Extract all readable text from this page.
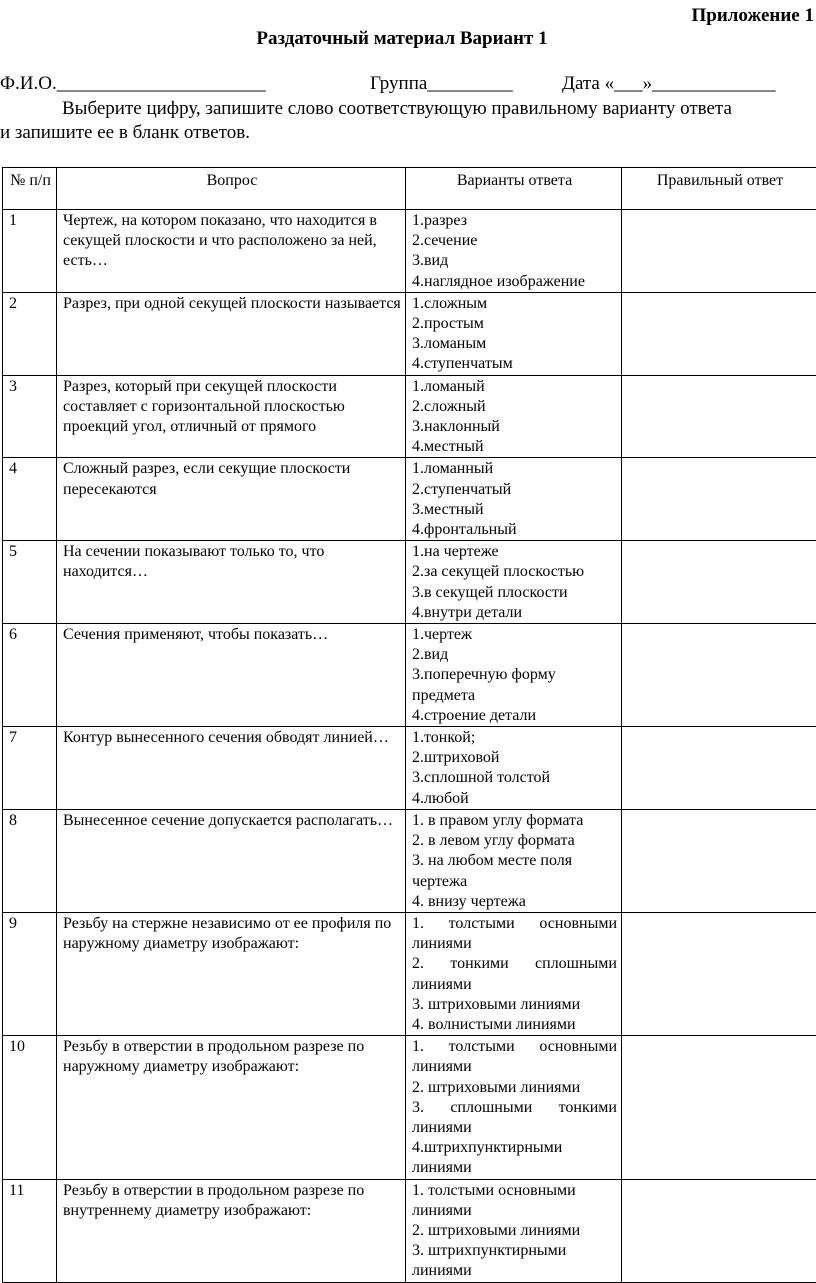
Приложение 1
Раздаточный материал Вариант 1
Ф.И.О.______________________	Группа_________	Дата «___»_____________
Выберите цифру, запишите слово соответствующую правильному варианту ответа
и запишите ее в бланк ответов.
№ п/п	Вопрос	Варианты ответа	Правильный ответ
1	Чертеж, на котором показано, что находится в секущей плоскости и что расположено за ней, есть…	1.разрез
2.сечение
3.вид
4.наглядное изображение	

2	Разрез, при одной секущей плоскости называется	1.сложным
2.простым
3.ломаным
4.ступенчатым	

3	Разрез, который при секущей плоскости составляет с горизонтальной плоскостью проекций угол, отличный от прямого	1.ломаный
2.сложный
3.наклонный
4.местный	

4	Сложный разрез, если секущие плоскости пересекаются	1.ломанный
2.ступенчатый
3.местный
4.фронтальный	

5	На сечении показывают только то, что находится…	1.на чертеже
2.за секущей плоскостью
3.в секущей плоскости
4.внутри детали	

6	Сечения применяют, чтобы показать…	1.чертеж
2.вид
3.поперечную форму предмета
4.строение детали	

7	Контур вынесенного сечения обводят линией…	1.тонкой;
2.штриховой
3.сплошной толстой
4.любой	

8	Вынесенное сечение допускается располагать…	1. в правом углу формата
2. в левом углу формата
3. на любом месте поля чертежа
4. внизу чертежа	

9	Резьбу на стержне независимо от ее профиля по наружному диаметру изображают:	1. толстыми основными линиями
2. тонкими сплошными линиями
3. штриховыми линиями
4. волнистыми линиями	

10	Резьбу в отверстии в продольном разрезе по наружному диаметру изображают:	1. толстыми основными линиями
2. штриховыми линиями
3. сплошными тонкими линиями
4.штрихпунктирными линиями	

11	Резьбу в отверстии в продольном разрезе по внутреннему диаметру изображают:	1. толстыми основными линиями
2. штриховыми линиями
3. штрихпунктирными линиями	
